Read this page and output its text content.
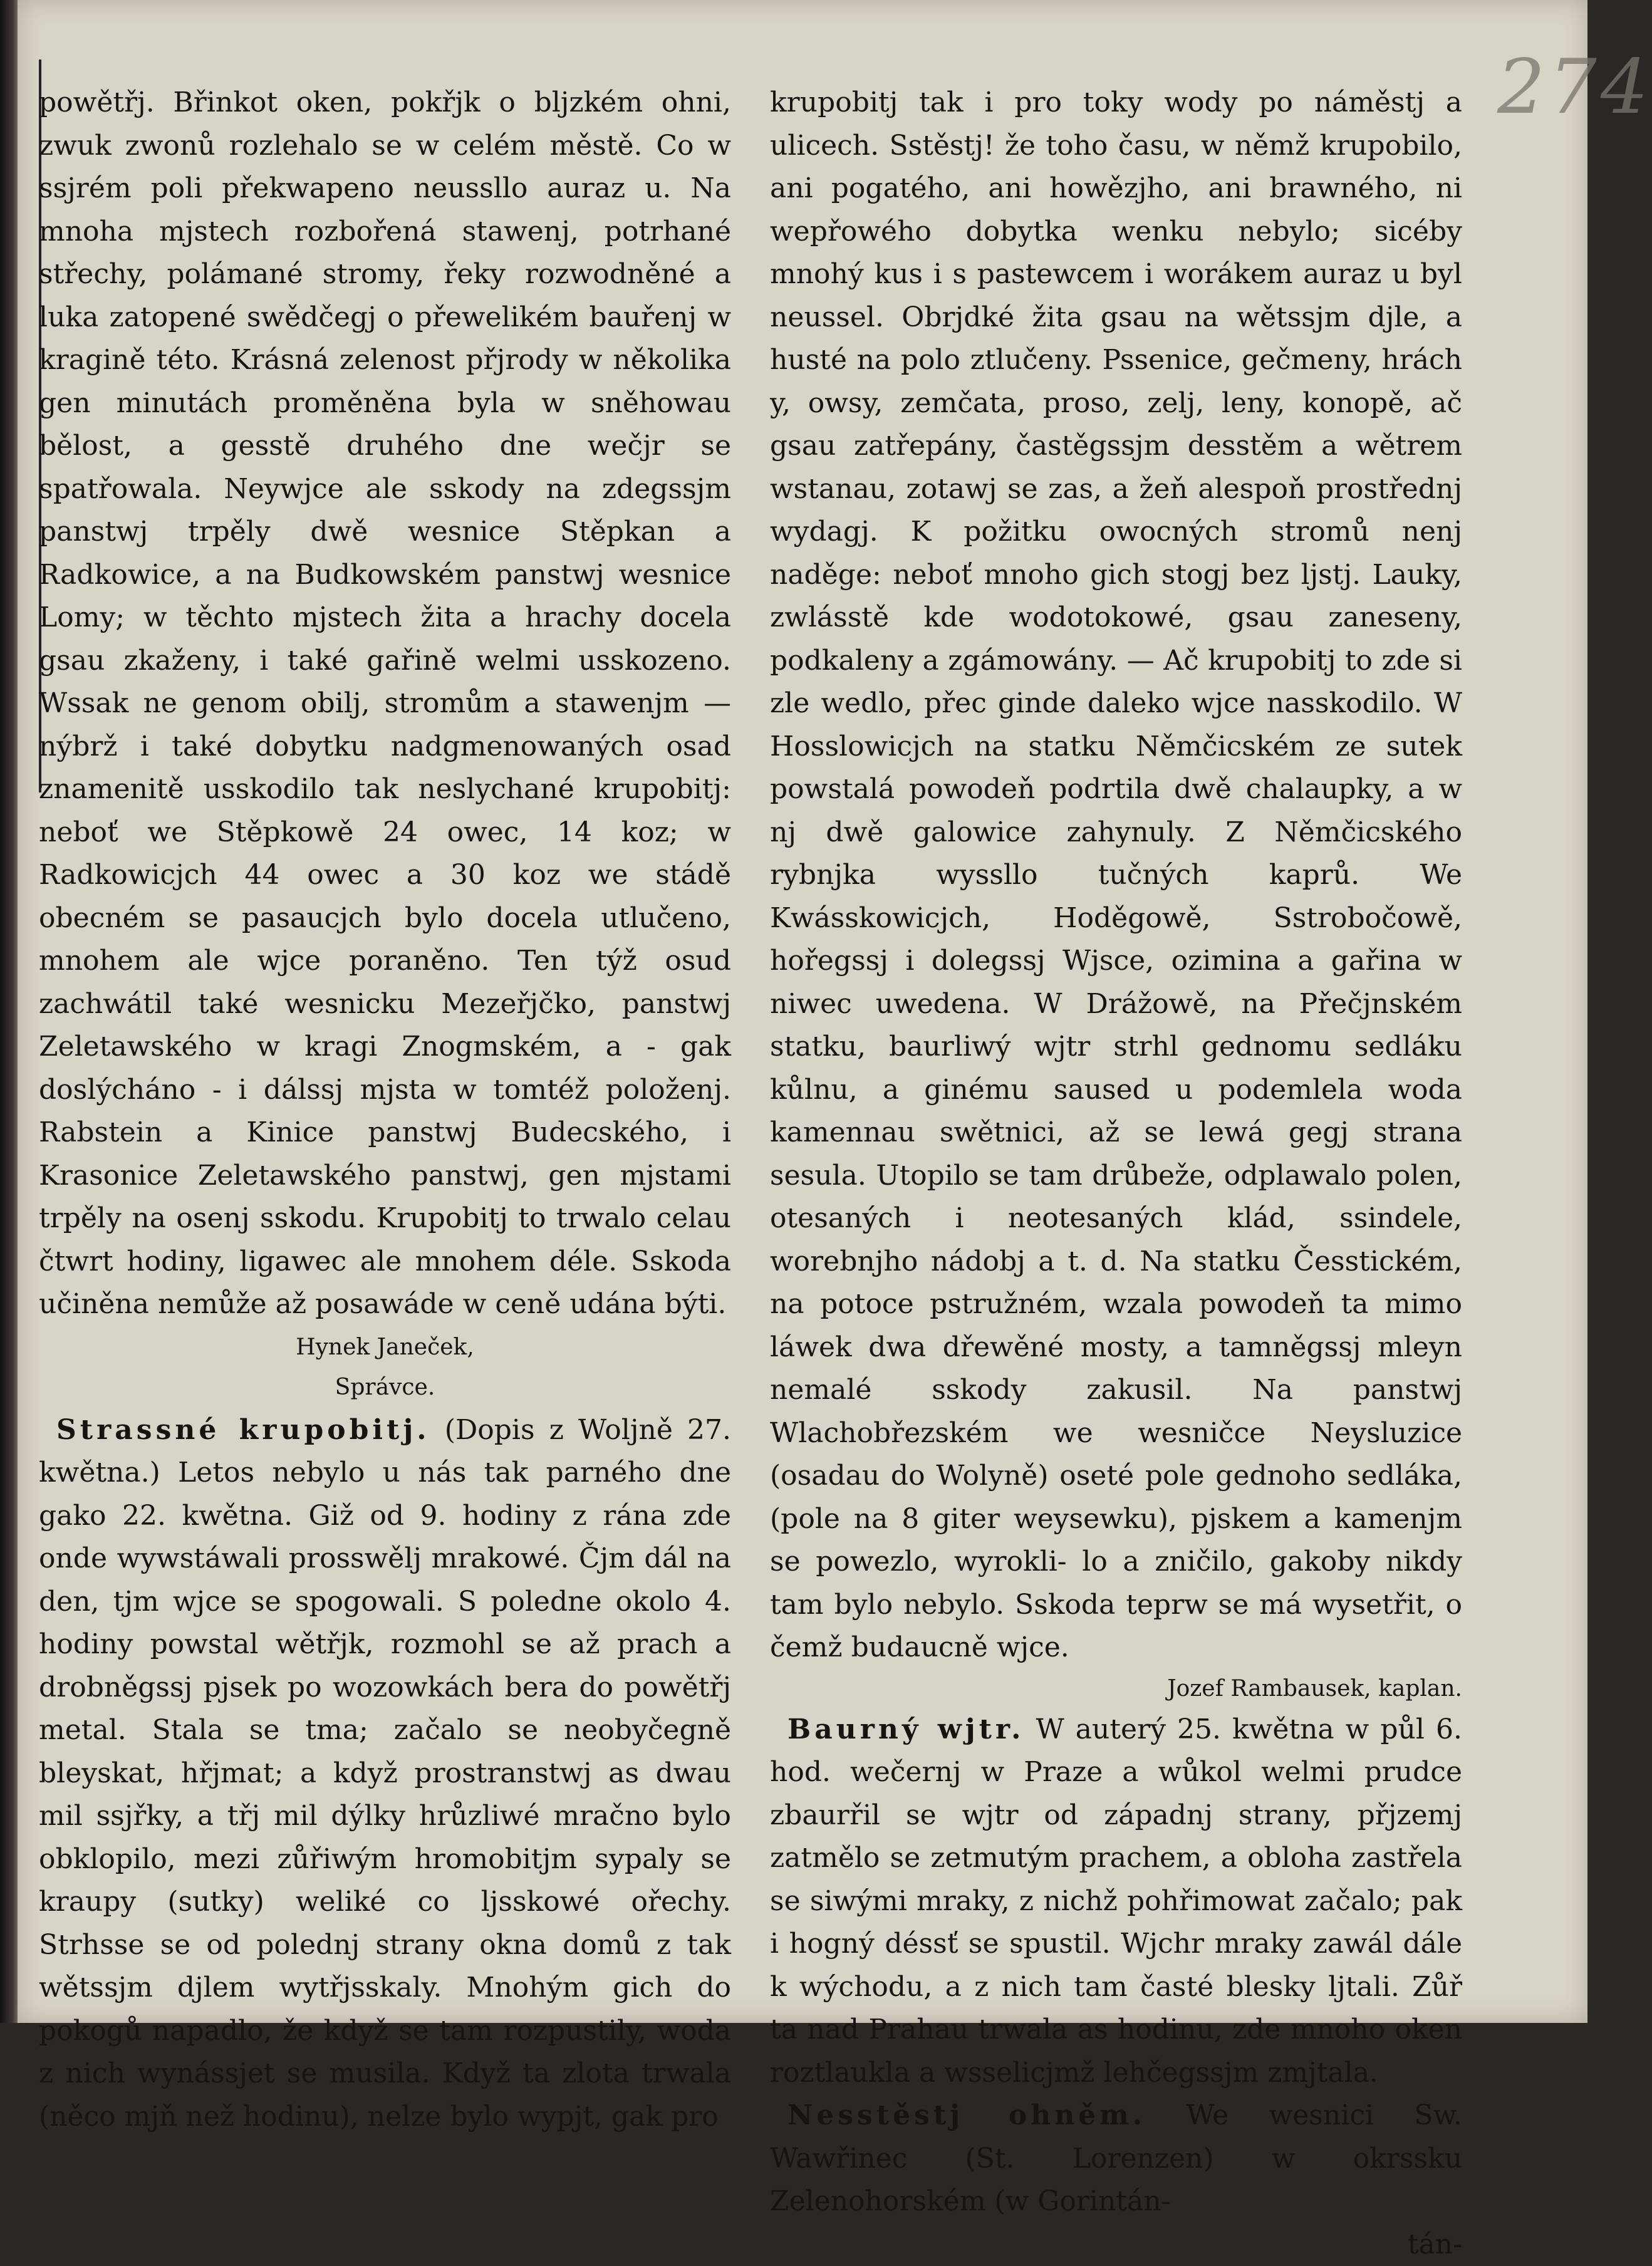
274

powětřj. Břinkot oken, pokřjk o bljzkém ohni, zwuk zwonů rozlehalo se w celém městě. Co w ssjrém poli překwapeno neussllo auraz u. Na mnoha mjstech rozbořená stawenj, potrhané střechy, polámané stromy, řeky rozwodněné a luka zatopené swědčegj o přewelikém bauřenj w kragině této. Krásná zelenost přjrody w několika gen minutách proměněna byla w sněhowau bělost, a gesstě druhého dne wečjr se spatřowala. Neywjce ale sskody na zdegssjm panstwj trpěly dwě wesnice Stěpkan a Radkowice, a na Budkowském panstwj wesnice Lomy; w těchto mjstech žita a hrachy docela gsau zkaženy, i také gařině welmi usskozeno. Wssak ne genom obilj, stromům a stawenjm — nýbrž i také dobytku nadgmenowaných osad znamenitě usskodilo tak neslychané krupobitj: neboť we Stěpkowě 24 owec, 14 koz; w Radkowicjch 44 owec a 30 koz we stádě obecném se pasaucjch bylo docela utlučeno, mnohem ale wjce poraněno. Ten týž osud zachwátil také wesnicku Mezeřjčko, panstwj Zeletawského w kragi Znogmském, a - gak doslýcháno - i dálssj mjsta w tomtéž položenj. Rabstein a Kinice panstwj Budecského, i Krasonice Zeletawského panstwj, gen mjstami trpěly na osenj sskodu. Krupobitj to trwalo celau čtwrt hodiny, ligawec ale mnohem déle. Sskoda učiněna nemůže až posawáde w ceně udána býti.

Hynek Janeček,

Správce.

Strassné krupobitj. (Dopis z Woljně 27. kwětna.) Letos nebylo u nás tak parného dne gako 22. kwětna. Giž od 9. hodiny z rána zde onde wywstáwali prosswělj mrakowé. Čjm dál na den, tjm wjce se spogowali. S poledne okolo 4. hodiny powstal wětřjk, rozmohl se až prach a drobněgssj pjsek po wozowkách bera do powětřj metal. Stala se tma; začalo se neobyčegně bleyskat, hřjmat; a když prostranstwj as dwau mil ssjřky, a třj mil dýlky hrůzliwé mračno bylo obklopilo, mezi zůřiwým hromobitjm sypaly se kraupy (sutky) weliké co ljsskowé ořechy. Strhsse se od polednj strany okna domů z tak wětssjm djlem wytřjsskaly. Mnohým gich do pokogů napadlo, že když se tam rozpustily, woda z nich wynássjet se musila. Když ta zlota trwala (něco mjň než hodinu), nelze bylo wypjt, gak pro

krupobitj tak i pro toky wody po náměstj a ulicech. Sstěstj! že toho času, w němž krupobilo, ani pogatého, ani howězjho, ani brawného, ni wepřowého dobytka wenku nebylo; sicéby mnohý kus i s pastewcem i worákem auraz u byl neussel. Obrjdké žita gsau na wětssjm djle, a husté na polo ztlučeny. Pssenice, gečmeny, hrách y, owsy, zemčata, proso, zelj, leny, konopě, ač gsau zatřepány, častěgssjm desstěm a wětrem wstanau, zotawj se zas, a žeň alespoň prostřednj wydagj. K požitku owocných stromů nenj naděge: neboť mnoho gich stogj bez ljstj. Lauky, zwlásstě kde wodotokowé, gsau zaneseny, podkaleny a zgámowány. — Ač krupobitj to zde si zle wedlo, přec ginde daleko wjce nasskodilo. W Hosslowicjch na statku Němčicském ze sutek powstalá powodeň podrtila dwě chalaupky, a w nj dwě galowice zahynuly. Z Němčicského rybnjka wyssllo tučných kaprů. We Kwásskowicjch, Hoděgowě, Sstrobočowě, hořegssj i dolegssj Wjsce, ozimina a gařina w niwec uwedena. W Drážowě, na Přečjnském statku, baurliwý wjtr strhl gednomu sedláku kůlnu, a ginému saused u podemlela woda kamennau swětnici, až se lewá gegj strana sesula. Utopilo se tam drůbeže, odplawalo polen, otesaných i neotesaných klád, ssindele, worebnjho nádobj a t. d. Na statku Česstickém, na potoce pstružném, wzala powodeň ta mimo láwek dwa dřewěné mosty, a tamněgssj mleyn nemalé sskody zakusil. Na panstwj Wlachobřezském we wesničce Neysluzice (osadau do Wolyně) oseté pole gednoho sedláka, (pole na 8 giter weysewku), pjskem a kamenjm se powezlo, wyrokli- lo a zničilo, gakoby nikdy tam bylo nebylo. Sskoda teprw se má wysetřit, o čemž budaucně wjce.

Jozef Rambausek, kaplan.

Baurný wjtr. W auterý 25. kwětna w půl 6. hod. wečernj w Praze a wůkol welmi prudce zbaurřil se wjtr od západnj strany, přjzemj zatmělo se zetmutým prachem, a obloha zastřela se siwými mraky, z nichž pohřimowat začalo; pak i hogný déssť se spustil. Wjchr mraky zawál dále k wýchodu, a z nich tam časté blesky ljtali. Zůř ta nad Prahau trwala as hodinu, zde mnoho oken roztlaukla a wsselicjmž lehčegssjm zmjtala.

Nesstěstj ohněm. We wesnici Sw. Wawřinec (St. Lorenzen) w okrssku Zelenohorském (w Gorintán-

tán-
